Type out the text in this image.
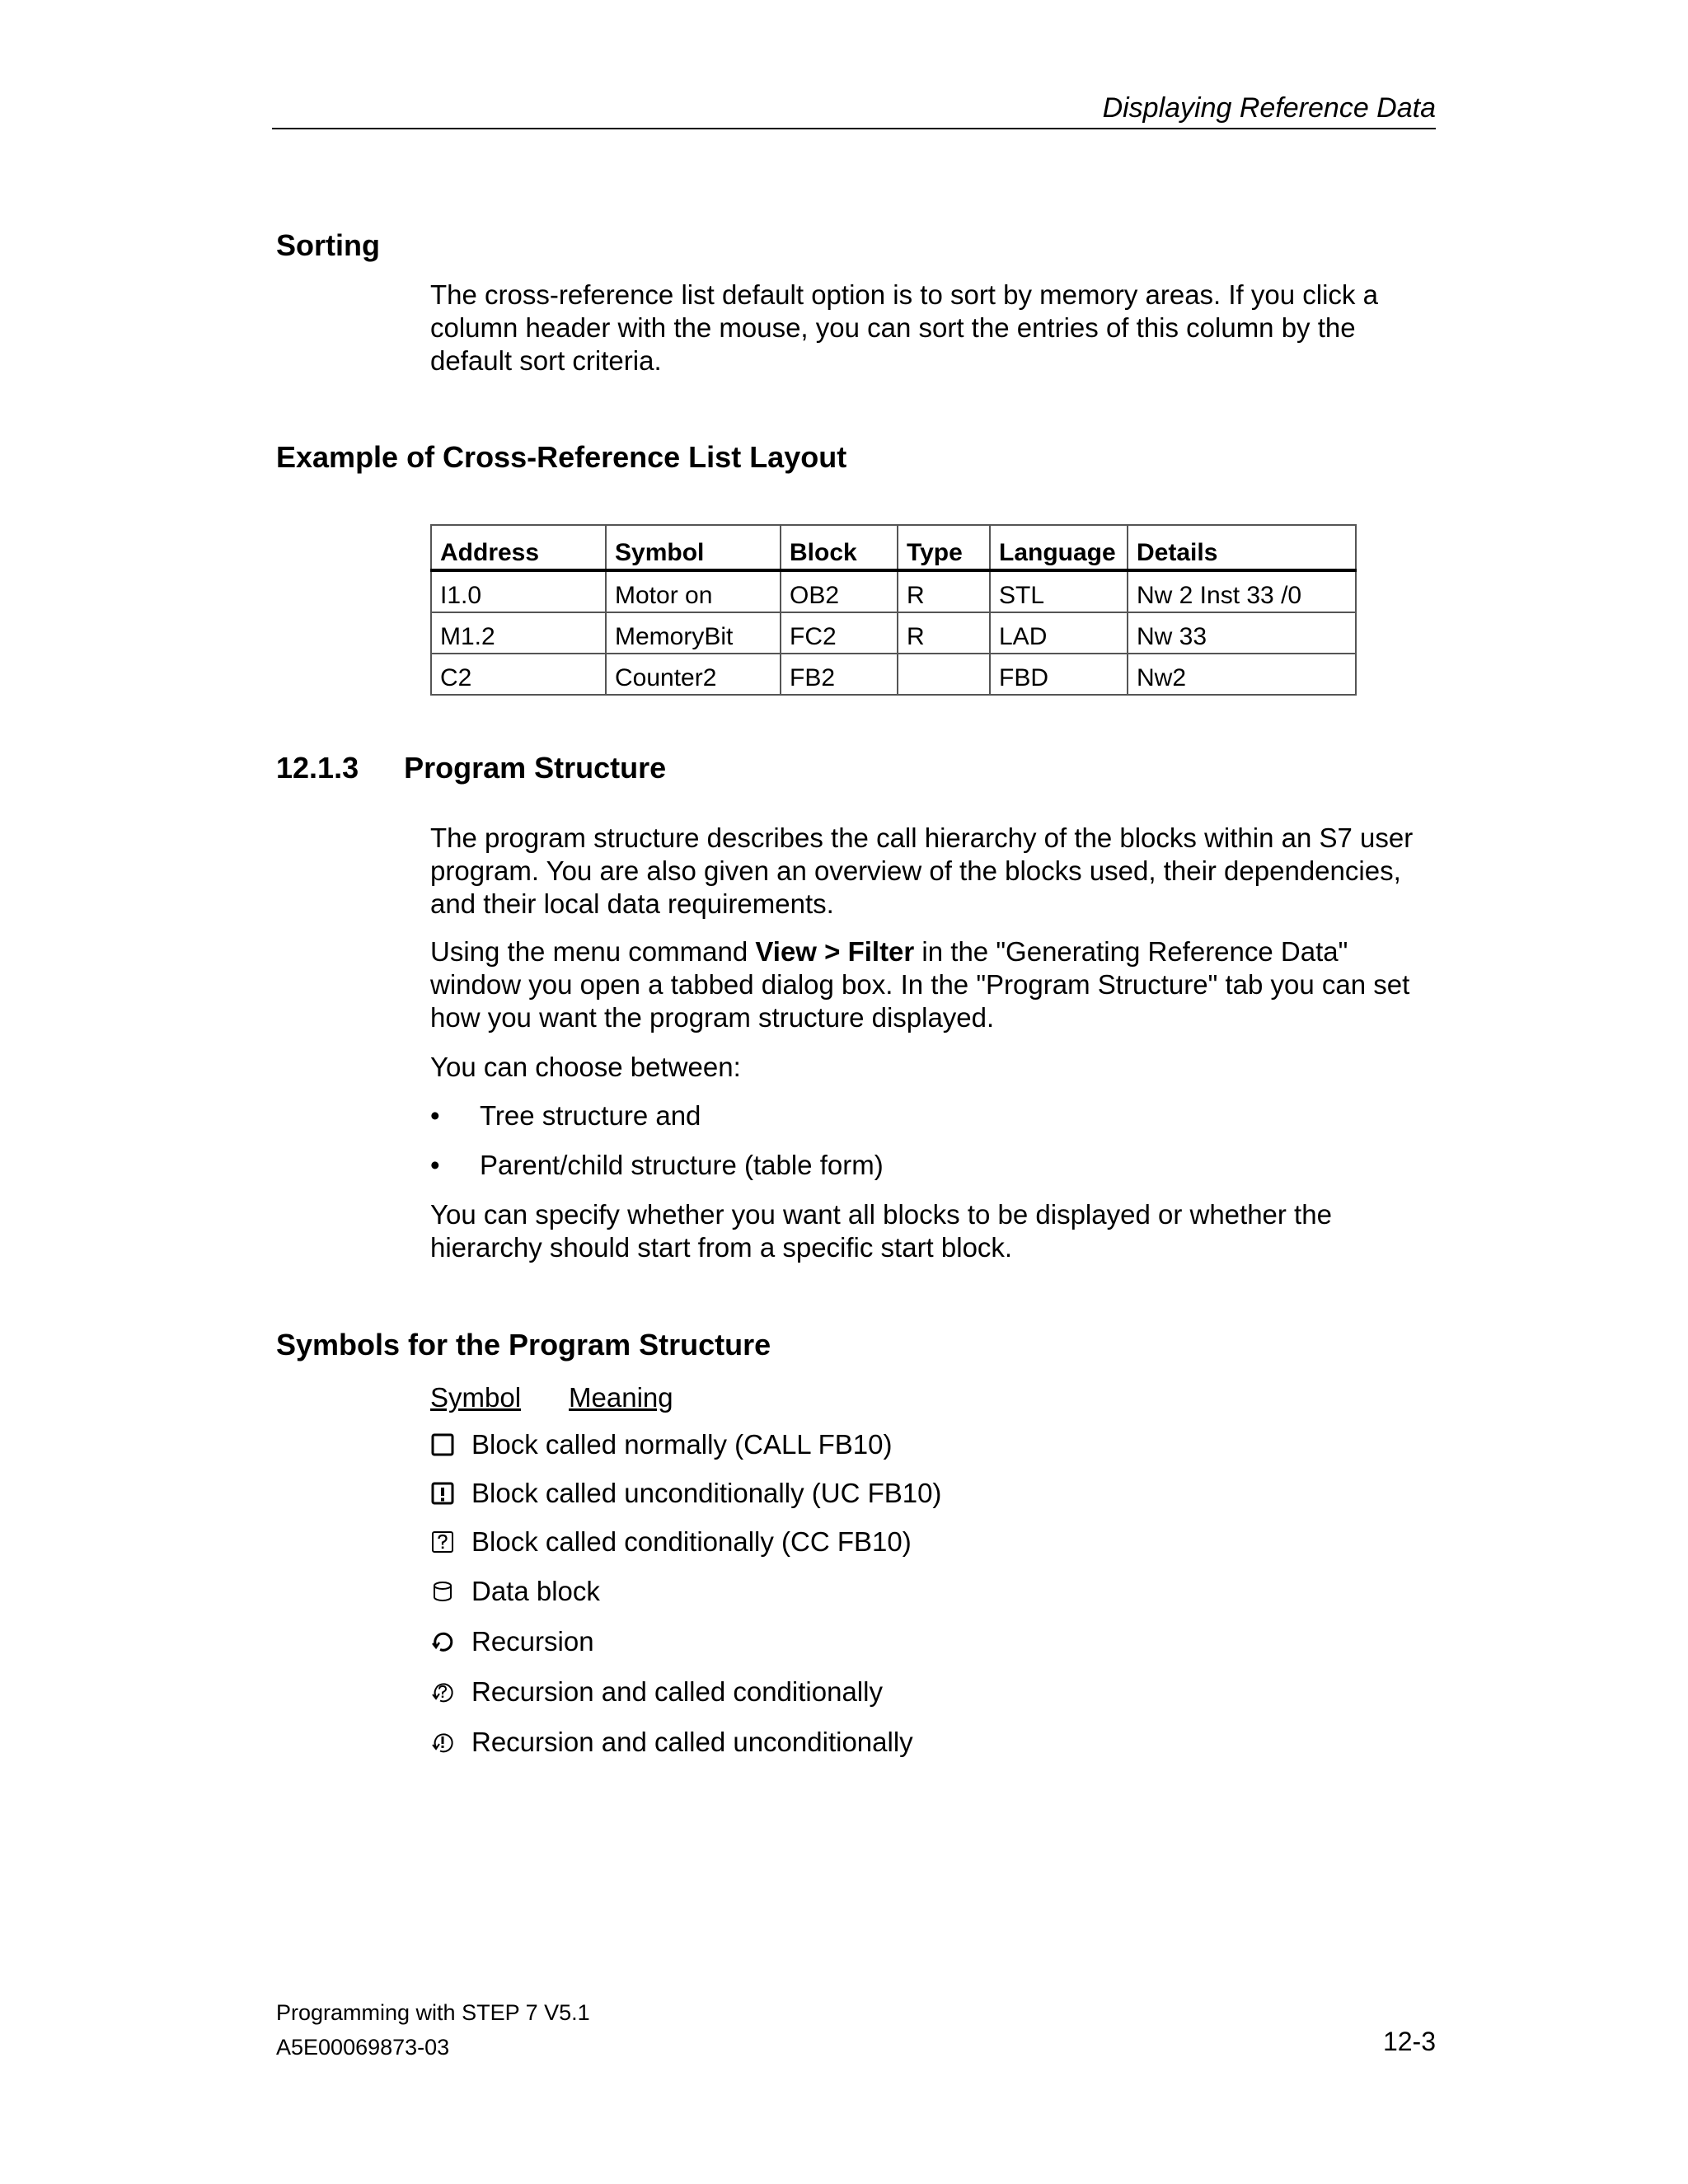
Displaying Reference Data
Sorting
The cross-reference list default option is to sort by memory areas. If you click a column header with the mouse, you can sort the entries of this column by the default sort criteria.
Example of Cross-Reference List Layout
Address	Symbol	Block	Type	Language	Details
I1.0	Motor on	OB2	R	STL	Nw 2 Inst 33 /0
M1.2	MemoryBit	FC2	R	LAD	Nw 33
C2	Counter2	FB2		FBD	Nw2
12.1.3 Program Structure
The program structure describes the call hierarchy of the blocks within an S7 user program. You are also given an overview of the blocks used, their dependencies, and their local data requirements.
Using the menu command View > Filter in the "Generating Reference Data" window you open a tabbed dialog box. In the "Program Structure" tab you can set how you want the program structure displayed.
You can choose between:
• Tree structure and
• Parent/child structure (table form)
You can specify whether you want all blocks to be displayed or whether the hierarchy should start from a specific start block.
Symbols for the Program Structure
Symbol Meaning
Block called normally (CALL FB10)
Block called unconditionally (UC FB10)
Block called conditionally (CC FB10)
Data block
Recursion
Recursion and called conditionally
Recursion and called unconditionally
Programming with STEP 7 V5.1
A5E00069873-03	12-3
